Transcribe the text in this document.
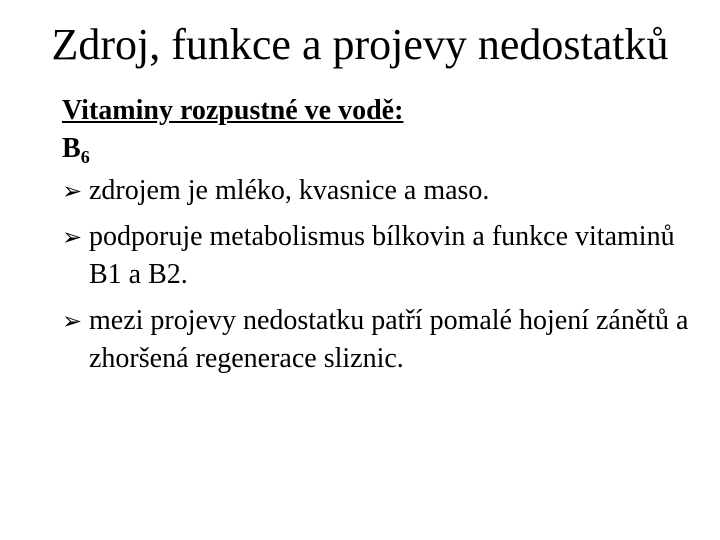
Zdroj, funkce a projevy nedostatků

Vitaminy rozpustné ve vodě:

$B_6$

➢ zdrojem je mléko, kvasnice a maso.
➢ podporuje metabolismus bílkovin a funkce vitaminů B1 a B2.
➢ mezi projevy nedostatku patří pomalé hojení zánětů a zhoršená regenerace sliznic.
